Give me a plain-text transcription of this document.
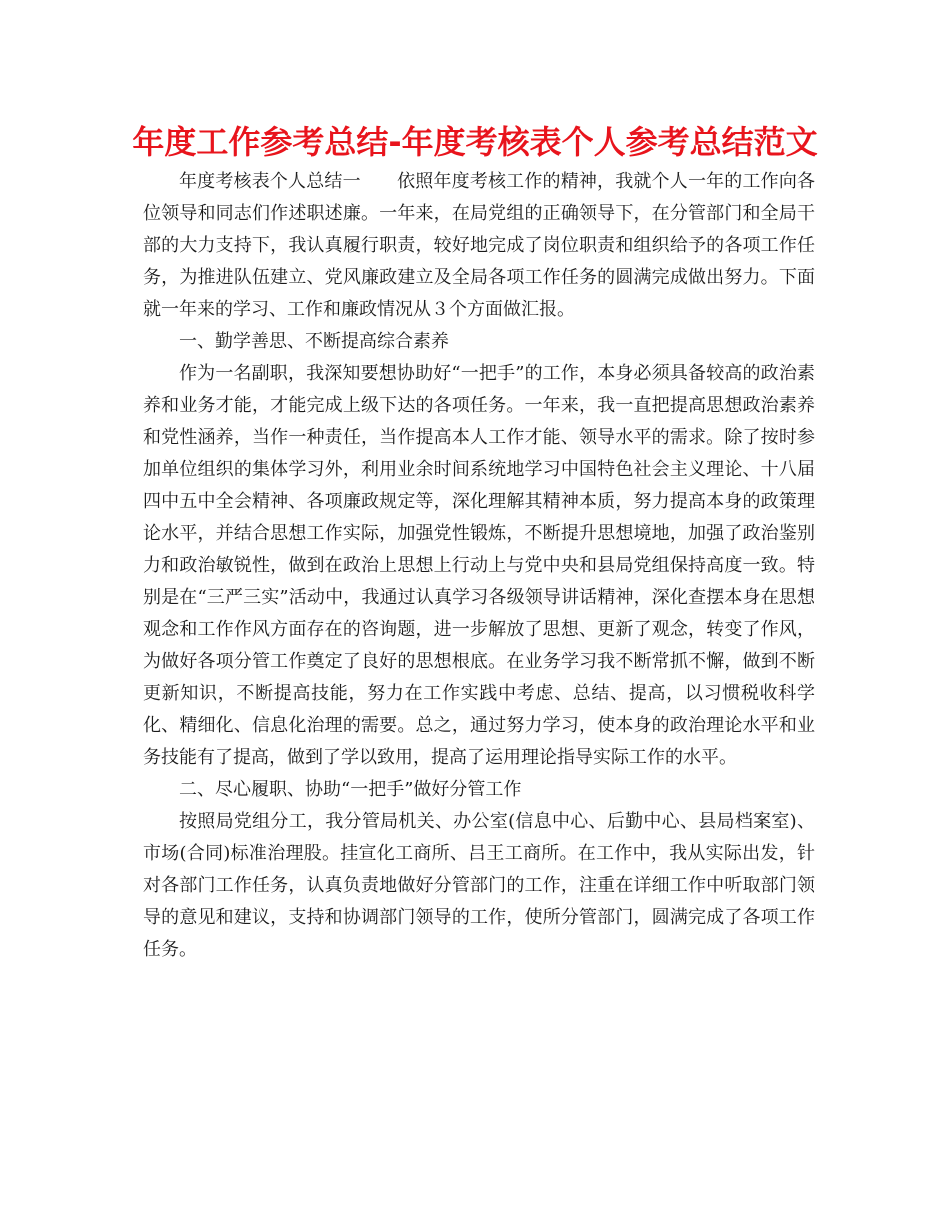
年度工作参考总结-年度考核表个人参考总结范文

年度考核表个人总结一　　依照年度考核工作的精神，我就个人一年的工作向各位领导和同志们作述职述廉。一年来，在局党组的正确领导下，在分管部门和全局干部的大力支持下，我认真履行职责，较好地完成了岗位职责和组织给予的各项工作任务，为推进队伍建立、党风廉政建立及全局各项工作任务的圆满完成做出努力。下面就一年来的学习、工作和廉政情况从３个方面做汇报。

一、勤学善思、不断提高综合素养

作为一名副职，我深知要想协助好“一把手”的工作，本身必须具备较高的政治素养和业务才能，才能完成上级下达的各项任务。一年来，我一直把提高思想政治素养和党性涵养，当作一种责任，当作提高本人工作才能、领导水平的需求。除了按时参加单位组织的集体学习外，利用业余时间系统地学习中国特色社会主义理论、十八届四中五中全会精神、各项廉政规定等，深化理解其精神本质，努力提高本身的政策理论水平，并结合思想工作实际，加强党性锻炼，不断提升思想境地，加强了政治鉴别力和政治敏锐性，做到在政治上思想上行动上与党中央和县局党组保持高度一致。特别是在“三严三实”活动中，我通过认真学习各级领导讲话精神，深化查摆本身在思想观念和工作作风方面存在的咨询题，进一步解放了思想、更新了观念，转变了作风，为做好各项分管工作奠定了良好的思想根底。在业务学习我不断常抓不懈，做到不断更新知识，不断提高技能，努力在工作实践中考虑、总结、提高，以习惯税收科学化、精细化、信息化治理的需要。总之，通过努力学习，使本身的政治理论水平和业务技能有了提高，做到了学以致用，提高了运用理论指导实际工作的水平。

二、尽心履职、协助“一把手”做好分管工作

按照局党组分工，我分管局机关、办公室(信息中心、后勤中心、县局档案室)、市场(合同)标准治理股。挂宣化工商所、吕王工商所。在工作中，我从实际出发，针对各部门工作任务，认真负责地做好分管部门的工作，注重在详细工作中听取部门领导的意见和建议，支持和协调部门领导的工作，使所分管部门，圆满完成了各项工作任务。
